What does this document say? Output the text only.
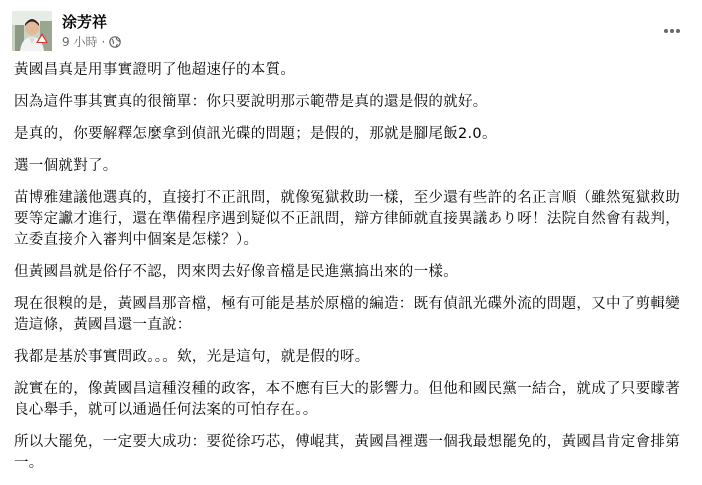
涂芳祥
9 小時 ·

黃國昌真是用事實證明了他超速仔的本質。

因為這件事其實真的很簡單：你只要說明那示範帶是真的還是假的就好。

是真的，你要解釋怎麼拿到偵訊光碟的問題；是假的，那就是腳尾飯2.0。

選一個就對了。

苗博雅建議他選真的，直接打不正訊問，就像冤獄救助一樣，至少還有些許的名正言順（雖然冤獄救助要等定讞才進行，還在準備程序遇到疑似不正訊問，辯方律師就直接異議あり呀！法院自然會有裁判，立委直接介入審判中個案是怎樣？）。

但黃國昌就是俗仔不認，閃來閃去好像音檔是民進黨搞出來的一樣。

現在很糗的是，黃國昌那音檔，極有可能是基於原檔的編造：既有偵訊光碟外流的問題，又中了剪輯變造這條，黃國昌還一直說：

我都是基於事實問政。。。欸，光是這句，就是假的呀。

說實在的，像黃國昌這種沒種的政客，本不應有巨大的影響力。但他和國民黨一結合，就成了只要矇著良心舉手，就可以通過任何法案的可怕存在。。

所以大罷免，一定要大成功：要從徐巧芯，傅崐萁，黃國昌裡選一個我最想罷免的，黃國昌肯定會排第一。
